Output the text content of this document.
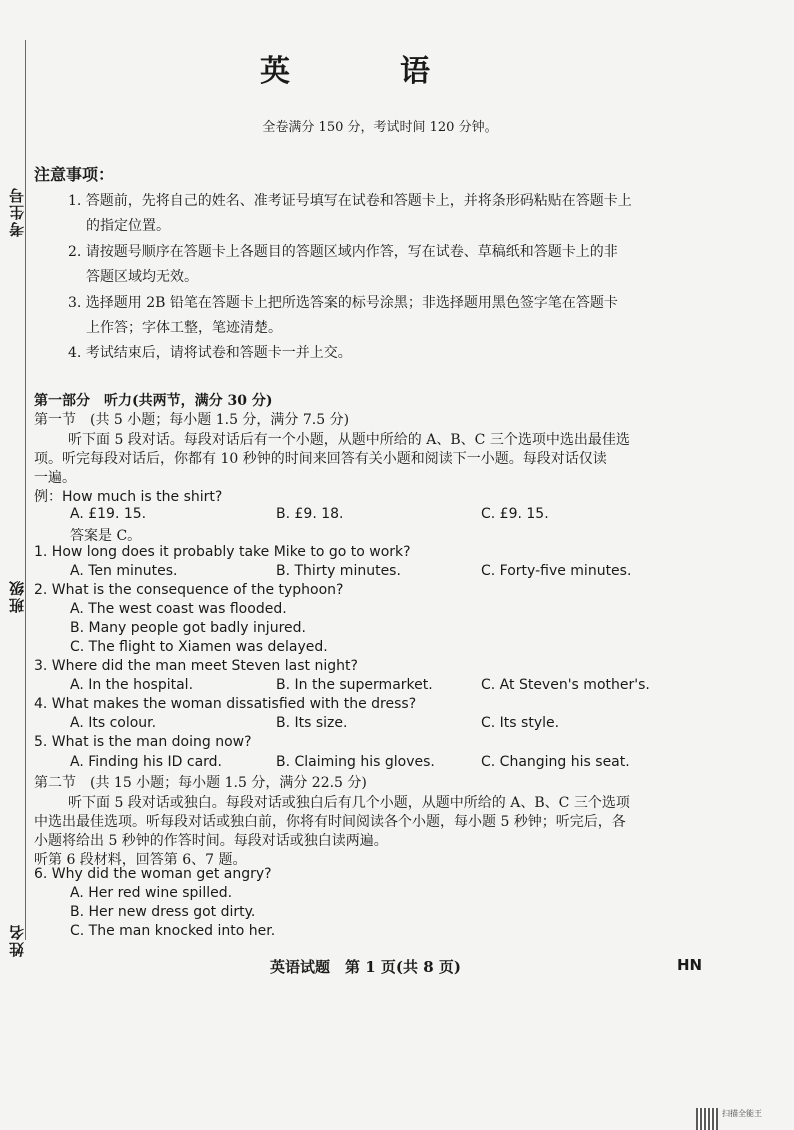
考生号
班级
姓名
英　语
全卷满分 150 分，考试时间 120 分钟。
注意事项：
1. 答题前，先将自己的姓名、准考证号填写在试卷和答题卡上，并将条形码粘贴在答题卡上
的指定位置。
2. 请按题号顺序在答题卡上各题目的答题区域内作答，写在试卷、草稿纸和答题卡上的非
答题区域均无效。
3. 选择题用 2B 铅笔在答题卡上把所选答案的标号涂黑；非选择题用黑色签字笔在答题卡
上作答；字体工整，笔迹清楚。
4. 考试结束后，请将试卷和答题卡一并上交。
第一部分　听力(共两节，满分 30 分)
第一节　(共 5 小题；每小题 1.5 分，满分 7.5 分)
听下面 5 段对话。每段对话后有一个小题，从题中所给的 A、B、C 三个选项中选出最佳选
项。听完每段对话后，你都有 10 秒钟的时间来回答有关小题和阅读下一小题。每段对话仅读
一遍。
例：How much is the shirt?
A. £19. 15.	B. £9. 18.	C. £9. 15.
答案是 C。
1. How long does it probably take Mike to go to work?
A. Ten minutes.	B. Thirty minutes.	C. Forty-five minutes.
2. What is the consequence of the typhoon?
A. The west coast was flooded.
B. Many people got badly injured.
C. The flight to Xiamen was delayed.
3. Where did the man meet Steven last night?
A. In the hospital.	B. In the supermarket.	C. At Steven's mother's.
4. What makes the woman dissatisfied with the dress?
A. Its colour.	B. Its size.	C. Its style.
5. What is the man doing now?
A. Finding his ID card.	B. Claiming his gloves.	C. Changing his seat.
第二节　(共 15 小题；每小题 1.5 分，满分 22.5 分)
听下面 5 段对话或独白。每段对话或独白后有几个小题，从题中所给的 A、B、C 三个选项
中选出最佳选项。听每段对话或独白前，你将有时间阅读各个小题，每小题 5 秒钟；听完后，各
小题将给出 5 秒钟的作答时间。每段对话或独白读两遍。
听第 6 段材料，回答第 6、7 题。
6. Why did the woman get angry?
A. Her red wine spilled.
B. Her new dress got dirty.
C. The man knocked into her.
英语试题　第 1 页(共 8 页)	HN
扫描全能王
